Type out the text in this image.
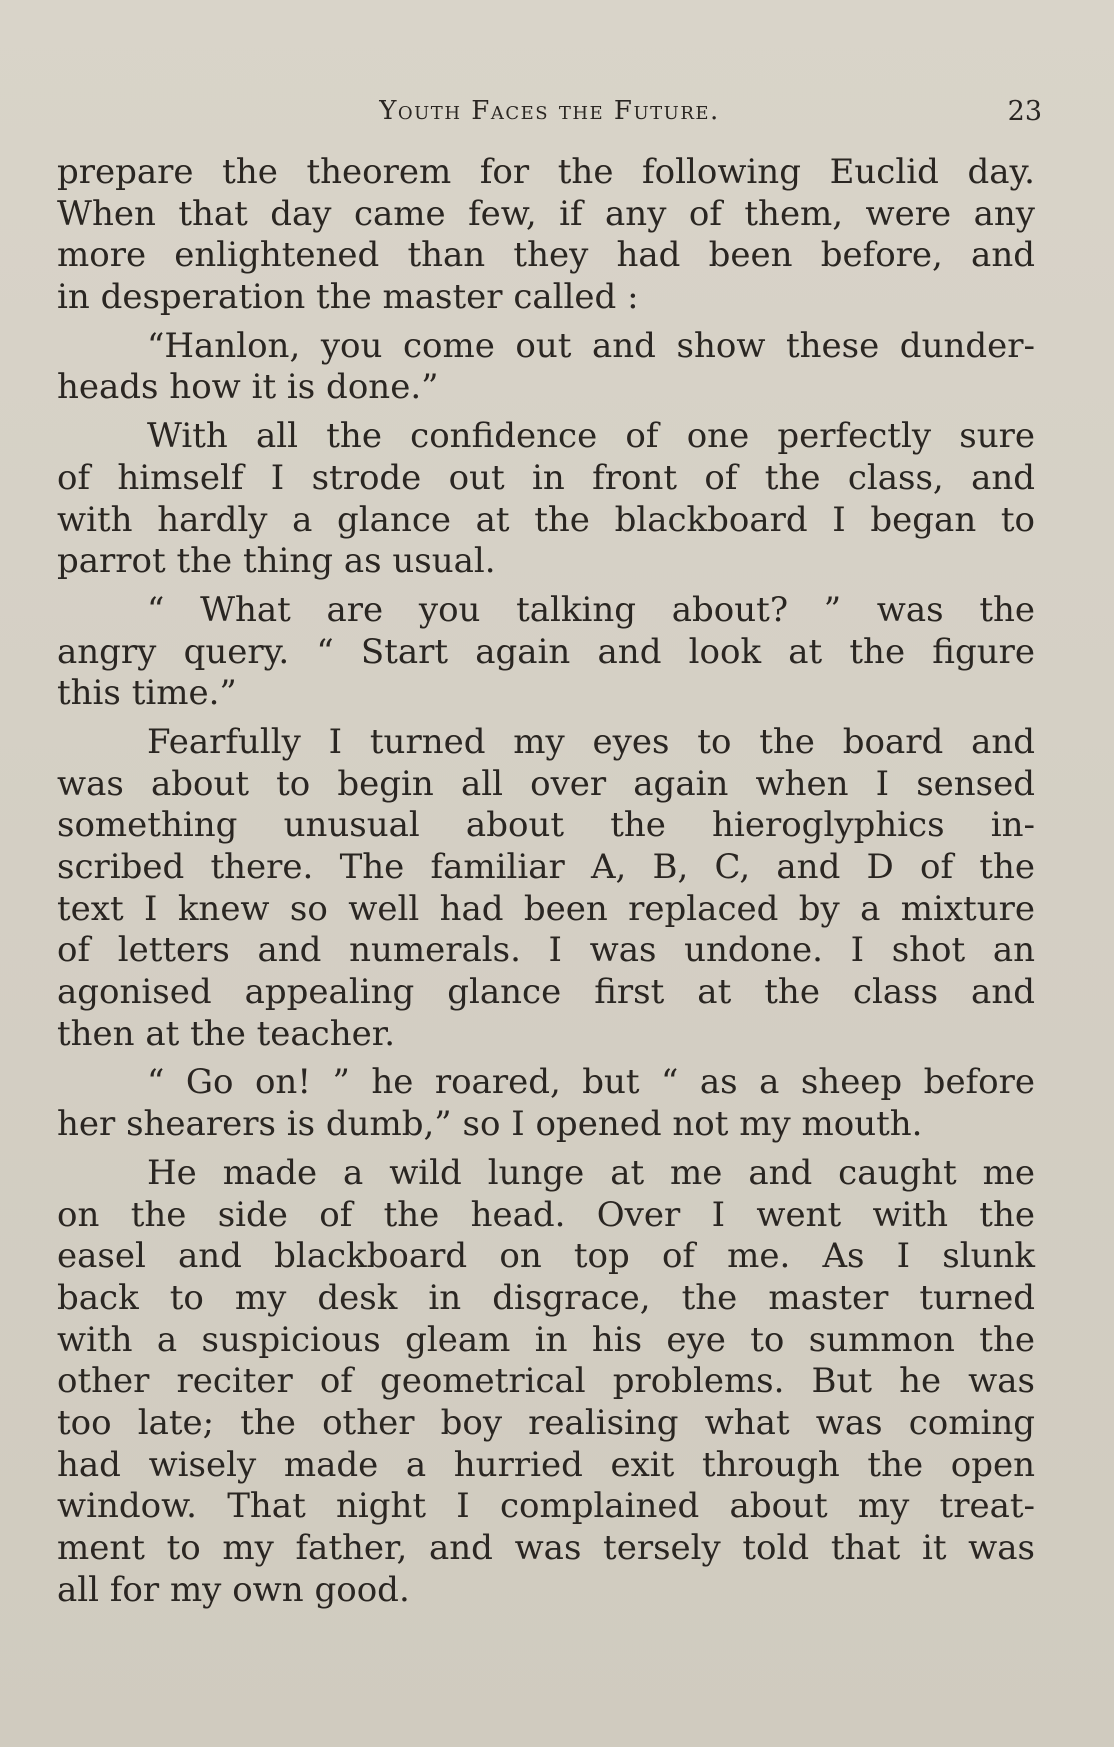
Youth Faces the Future.	23
prepare the theorem for the following Euclid day.
When that day came few, if any of them, were any
more enlightened than they had been before, and
in desperation the master called :
“Hanlon, you come out and show these dunder-
heads how it is done.”
With all the confidence of one perfectly sure
of himself I strode out in front of the class, and
with hardly a glance at the blackboard I began to
parrot the thing as usual.
“ What are you talking about? ” was the
angry query. “ Start again and look at the figure
this time.”
Fearfully I turned my eyes to the board and
was about to begin all over again when I sensed
something unusual about the hieroglyphics in-
scribed there. The familiar A, B, C, and D of the
text I knew so well had been replaced by a mixture
of letters and numerals. I was undone. I shot an
agonised appealing glance first at the class and
then at the teacher.
“ Go on! ” he roared, but “ as a sheep before
her shearers is dumb,” so I opened not my mouth.
He made a wild lunge at me and caught me
on the side of the head. Over I went with the
easel and blackboard on top of me. As I slunk
back to my desk in disgrace, the master turned
with a suspicious gleam in his eye to summon the
other reciter of geometrical problems. But he was
too late; the other boy realising what was coming
had wisely made a hurried exit through the open
window. That night I complained about my treat-
ment to my father, and was tersely told that it was
all for my own good.
